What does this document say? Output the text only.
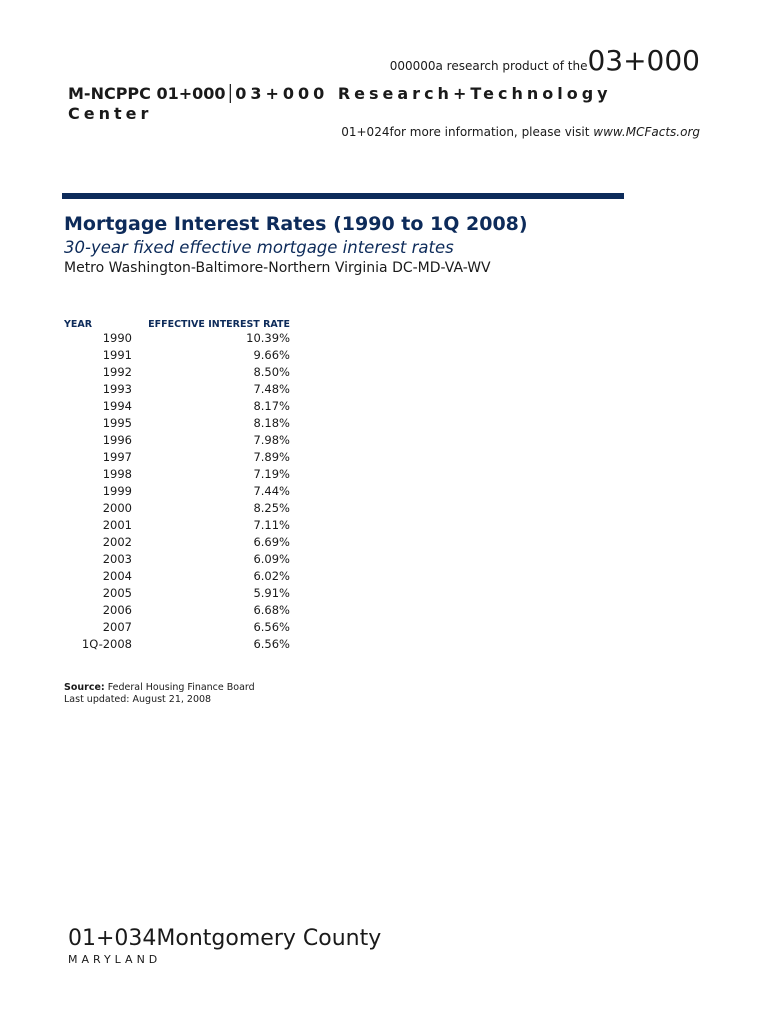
000000a research product of the03+000
M-NCPPC 01+000│03+000 Research+Technology Center
01+024for more information, please visit www.MCFacts.org
Mortgage Interest Rates (1990 to 1Q 2008)
30-year fixed effective mortgage interest rates
Metro Washington-Baltimore-Northern Virginia DC-MD-VA-WV
YEAR	EFFECTIVE INTEREST RATE
1990	10.39%
1991	9.66%
1992	8.50%
1993	7.48%
1994	8.17%
1995	8.18%
1996	7.98%
1997	7.89%
1998	7.19%
1999	7.44%
2000	8.25%
2001	7.11%
2002	6.69%
2003	6.09%
2004	6.02%
2005	5.91%
2006	6.68%
2007	6.56%
1Q-2008	6.56%
Source: Federal Housing Finance Board
Last updated: August 21, 2008
01+034Montgomery County
MARYLAND
